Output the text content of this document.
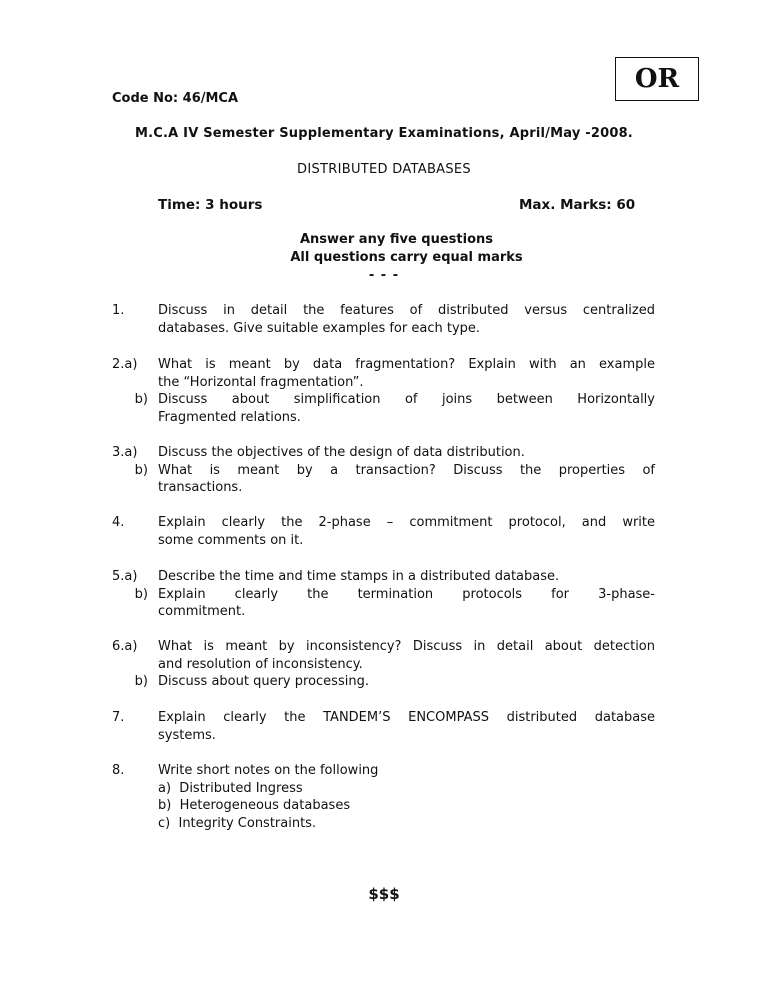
OR
Code No: 46/MCA
M.C.A IV Semester Supplementary Examinations, April/May -2008.
DISTRIBUTED DATABASES
Time: 3 hours	Max. Marks: 60
Answer any five questions
All questions carry equal marks
- - -
1.	Discuss in detail the features of distributed versus centralized
databases. Give suitable examples for each type.
2.a)	What is meant by data fragmentation? Explain with an example
the “Horizontal fragmentation”.
b) Discuss about simplification of joins between Horizontally
Fragmented relations.
3.a)	Discuss the objectives of the design of data distribution.
b) What is meant by a transaction? Discuss the properties of
transactions.
4.	Explain clearly the 2-phase – commitment protocol, and write
some comments on it.
5.a)	Describe the time and time stamps in a distributed database.
b) Explain clearly the termination protocols for 3-phase-
commitment.
6.a)	What is meant by inconsistency? Discuss in detail about detection
and resolution of inconsistency.
b) Discuss about query processing.
7.	Explain clearly the TANDEM’S ENCOMPASS distributed database
systems.
8.	Write short notes on the following
a)  Distributed Ingress
b)  Heterogeneous databases
c)  Integrity Constraints.
$$$
